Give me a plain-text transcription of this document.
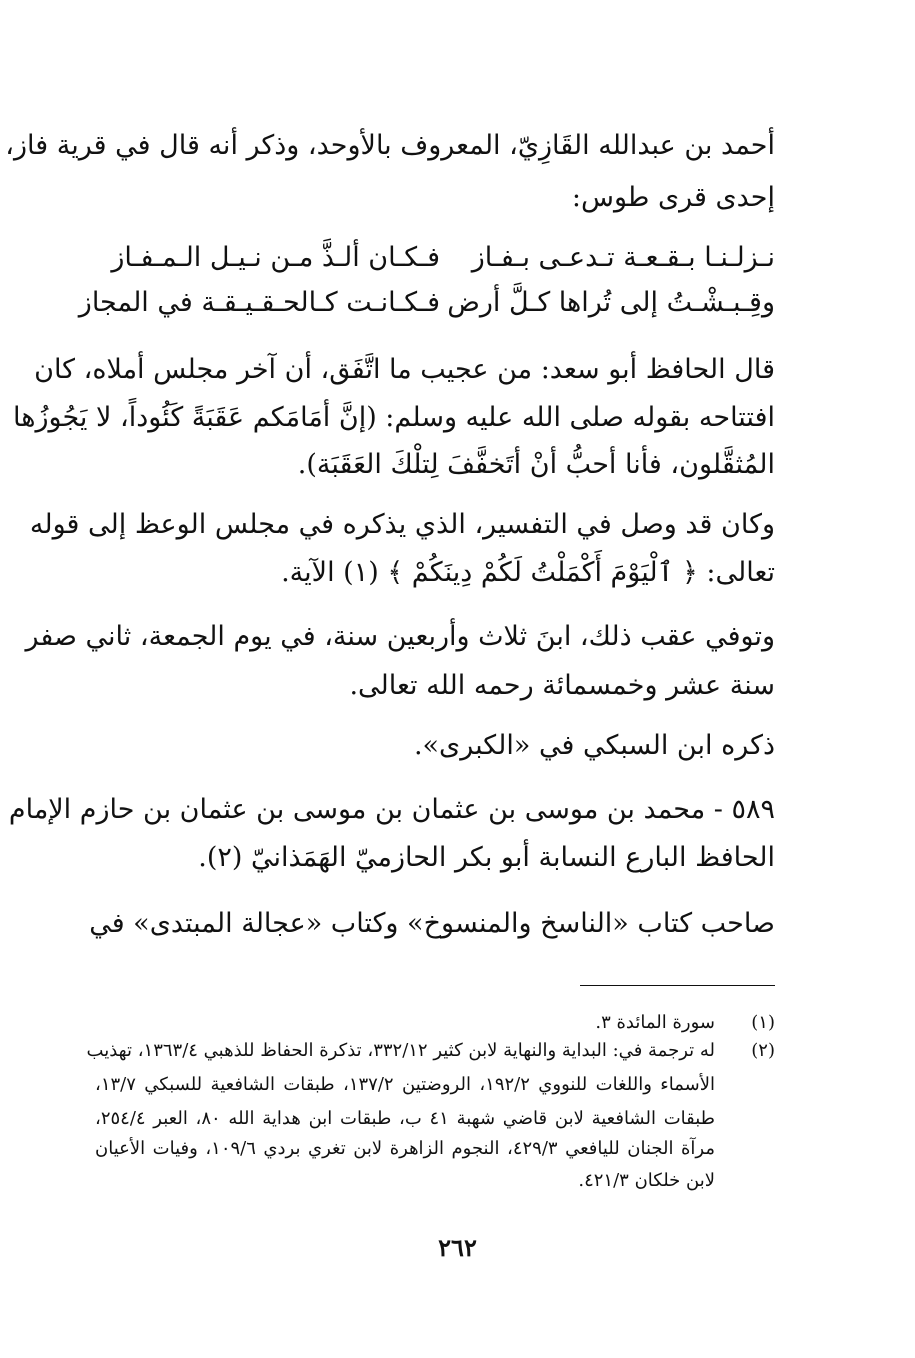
أحمد بن عبدالله القَازِيّ، المعروف بالأوحد، وذكر أنه قال في قرية فاز،
إحدى قرى طوس:
نـزلـنـا بـقـعـة تـدعـى بـفـاز
فـكـان ألـذَّ مـن نـيـل الـمـفـاز
وقِـبـشْـتُ إلى تُراها كـلَّ أرض
فـكـانـت كـالحـقـيـقـة في المجاز
قال الحافظ أبو سعد: من عجيب ما اتَّفَق، أن آخر مجلس أملاه، كان
افتتاحه بقوله صلى الله عليه وسلم: (إنَّ أمَامَكم عَقَبَةً كَئُوداً، لا يَجُوزُها
المُثقَّلون، فأنا أحبُّ أنْ أتَخفَّفَ لِتلْكَ العَقَبَة).
وكان قد وصل في التفسير، الذي يذكره في مجلس الوعظ إلى قوله
تعالى: ﴿ ٱلْيَوْمَ أَكْمَلْتُ لَكُمْ دِينَكُمْ ﴾ (١) الآية.
وتوفي عقب ذلك، ابنَ ثلاث وأربعين سنة، في يوم الجمعة، ثاني صفر
سنة عشر وخمسمائة رحمه الله تعالى.
ذكره ابن السبكي في «الكبرى».
٥٨٩ - محمد بن موسى بن عثمان بن موسى بن عثمان بن حازم الإمام
الحافظ البارع النسابة أبو بكر الحازميّ الهَمَذانيّ (٢).
صاحب كتاب «الناسخ والمنسوخ» وكتاب «عجالة المبتدى» في
(١)
سورة المائدة ٣.
(٢)
له ترجمة في: البداية والنهاية لابن كثير ٣٣٢/١٢، تذكرة الحفاظ للذهبي ١٣٦٣/٤، تهذيب
الأسماء واللغات للنووي ١٩٢/٢، الروضتين ١٣٧/٢، طبقات الشافعية للسبكي ١٣/٧،
طبقات الشافعية لابن قاضي شهبة ٤١ ب، طبقات ابن هداية الله ٨٠، العبر ٢٥٤/٤،
مرآة الجنان لليافعي ٤٢٩/٣، النجوم الزاهرة لابن تغري بردي ١٠٩/٦، وفيات الأعيان
لابن خلكان ٤٢١/٣.
٢٦٢
